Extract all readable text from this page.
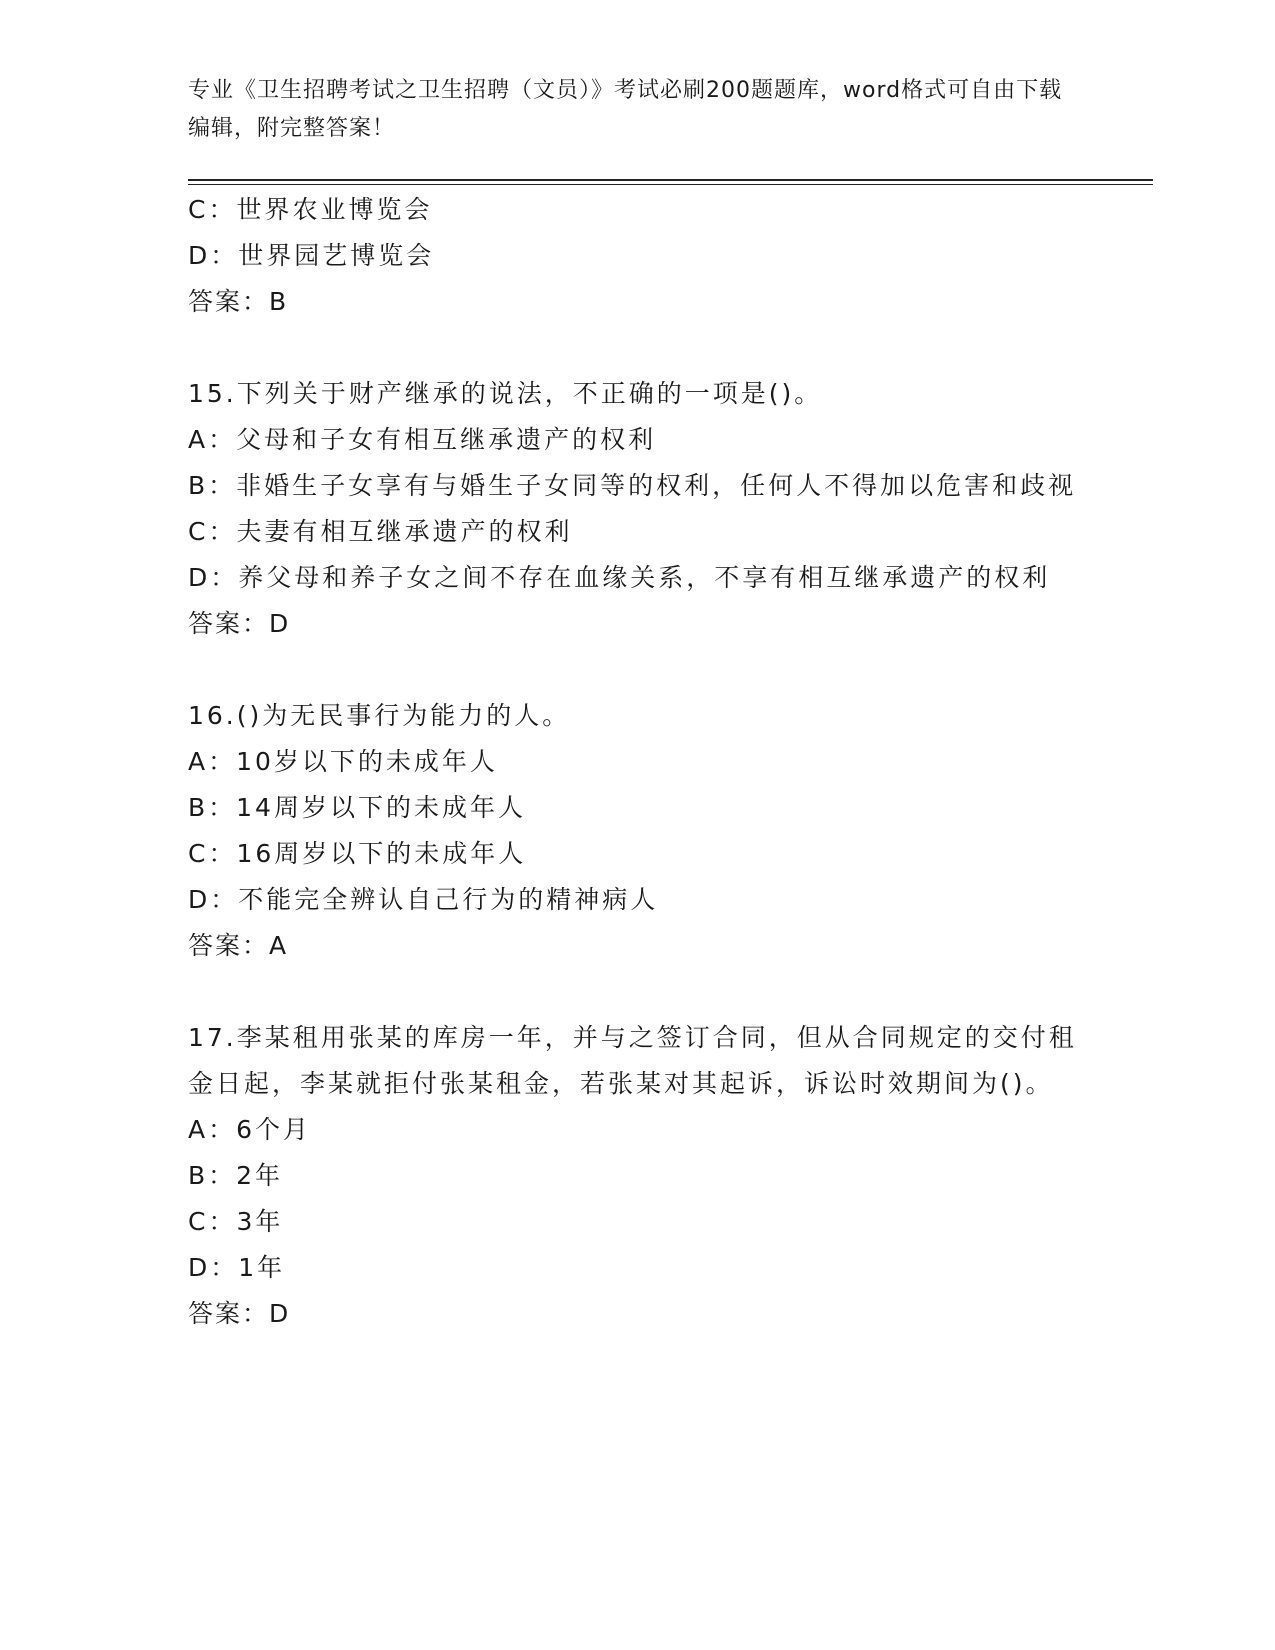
专业《卫生招聘考试之卫生招聘（文员）》考试必刷200题题库，word格式可自由下载编辑，附完整答案！
C：世界农业博览会
D：世界园艺博览会
答案：B
15.下列关于财产继承的说法，不正确的一项是()。
A：父母和子女有相互继承遗产的权利
B：非婚生子女享有与婚生子女同等的权利，任何人不得加以危害和歧视
C：夫妻有相互继承遗产的权利
D：养父母和养子女之间不存在血缘关系，不享有相互继承遗产的权利
答案：D
16.()为无民事行为能力的人。
A：10岁以下的未成年人
B：14周岁以下的未成年人
C：16周岁以下的未成年人
D：不能完全辨认自己行为的精神病人
答案：A
17.李某租用张某的库房一年，并与之签订合同，但从合同规定的交付租金日起，李某就拒付张某租金，若张某对其起诉，诉讼时效期间为()。
A：6个月
B：2年
C：3年
D：1年
答案：D
